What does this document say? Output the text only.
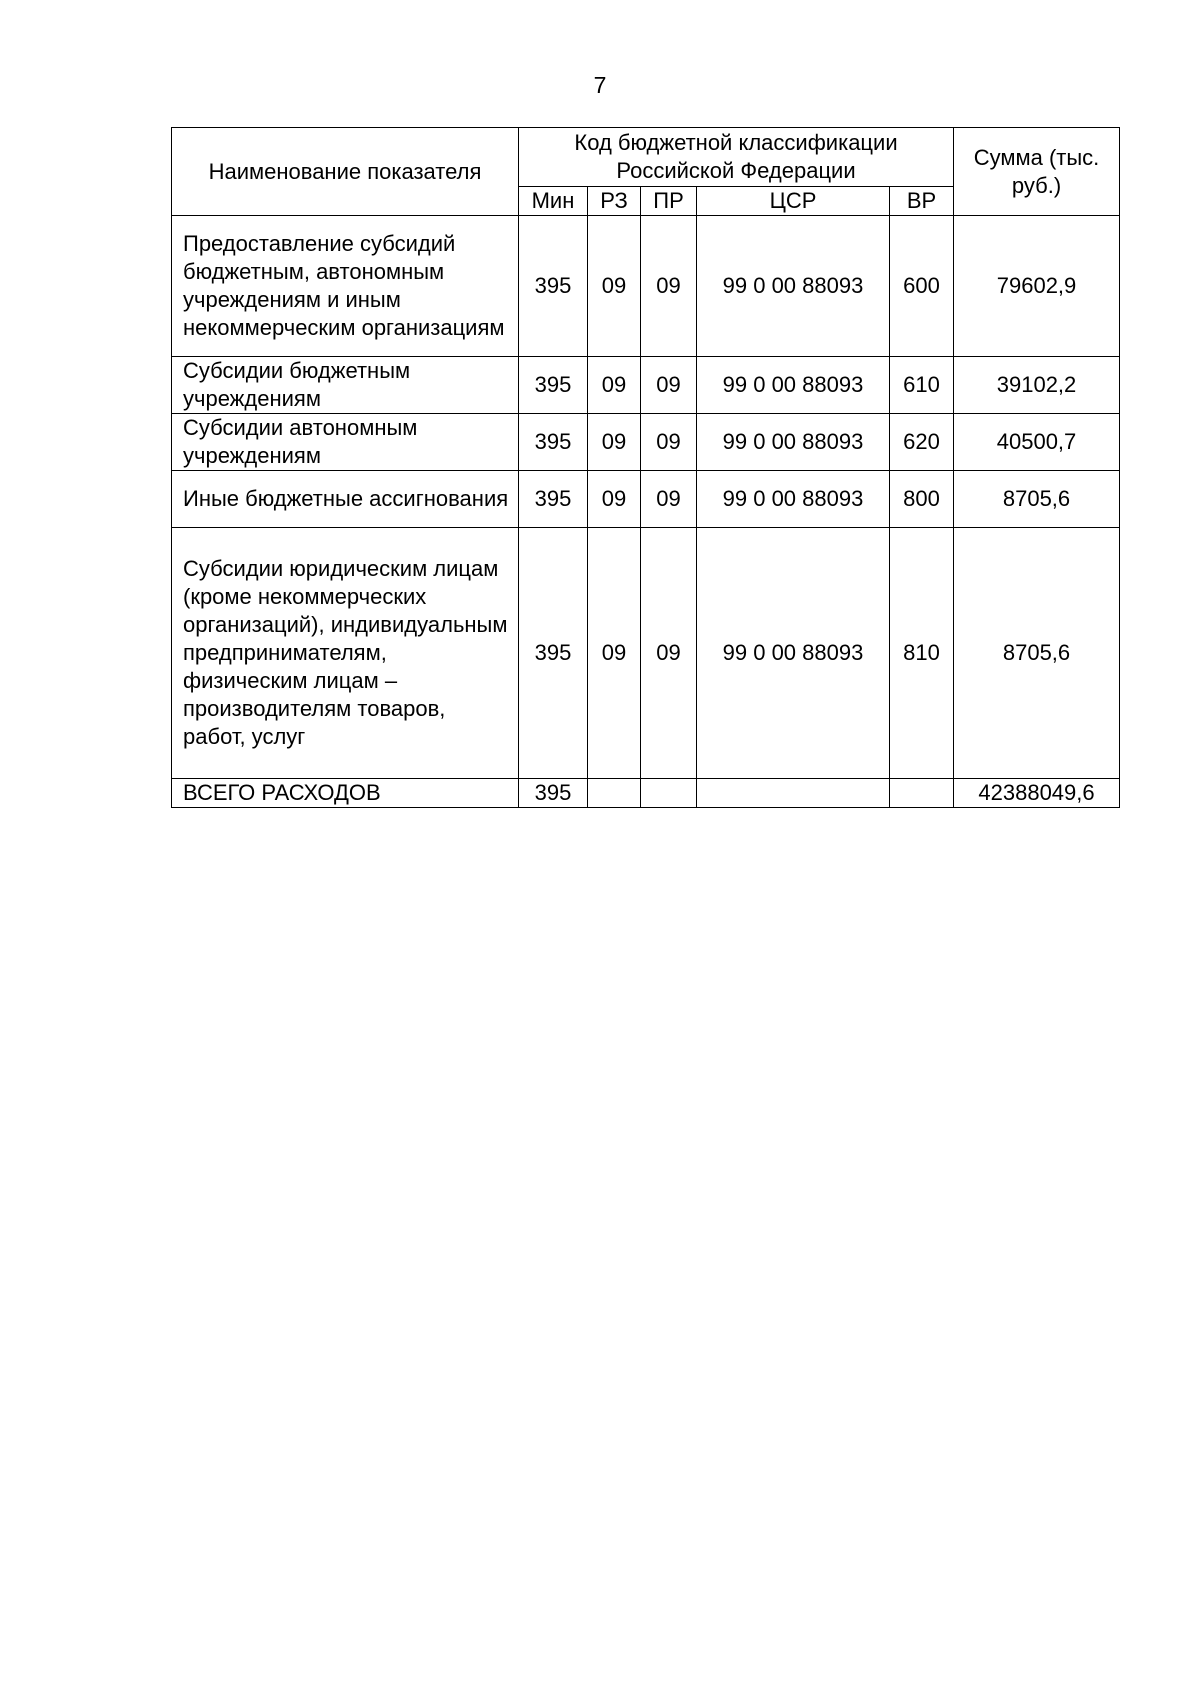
7
Наименование показателя	Код бюджетной классификации Российской Федерации					Сумма (тыс. руб.)
	Мин	РЗ	ПР	ЦСР	ВР	
Предоставление субсидий бюджетным, автономным учреждениям и иным некоммерческим организациям	395	09	09	99 0 00 88093	600	79602,9
Субсидии бюджетным учреждениям	395	09	09	99 0 00 88093	610	39102,2
Субсидии автономным учреждениям	395	09	09	99 0 00 88093	620	40500,7
Иные бюджетные ассигнования	395	09	09	99 0 00 88093	800	8705,6
Субсидии юридическим лицам (кроме некоммерческих организаций), индивидуальным предпринимателям, физическим лицам – производителям товаров, работ, услуг	395	09	09	99 0 00 88093	810	8705,6
ВСЕГО РАСХОДОВ	395					42388049,6
